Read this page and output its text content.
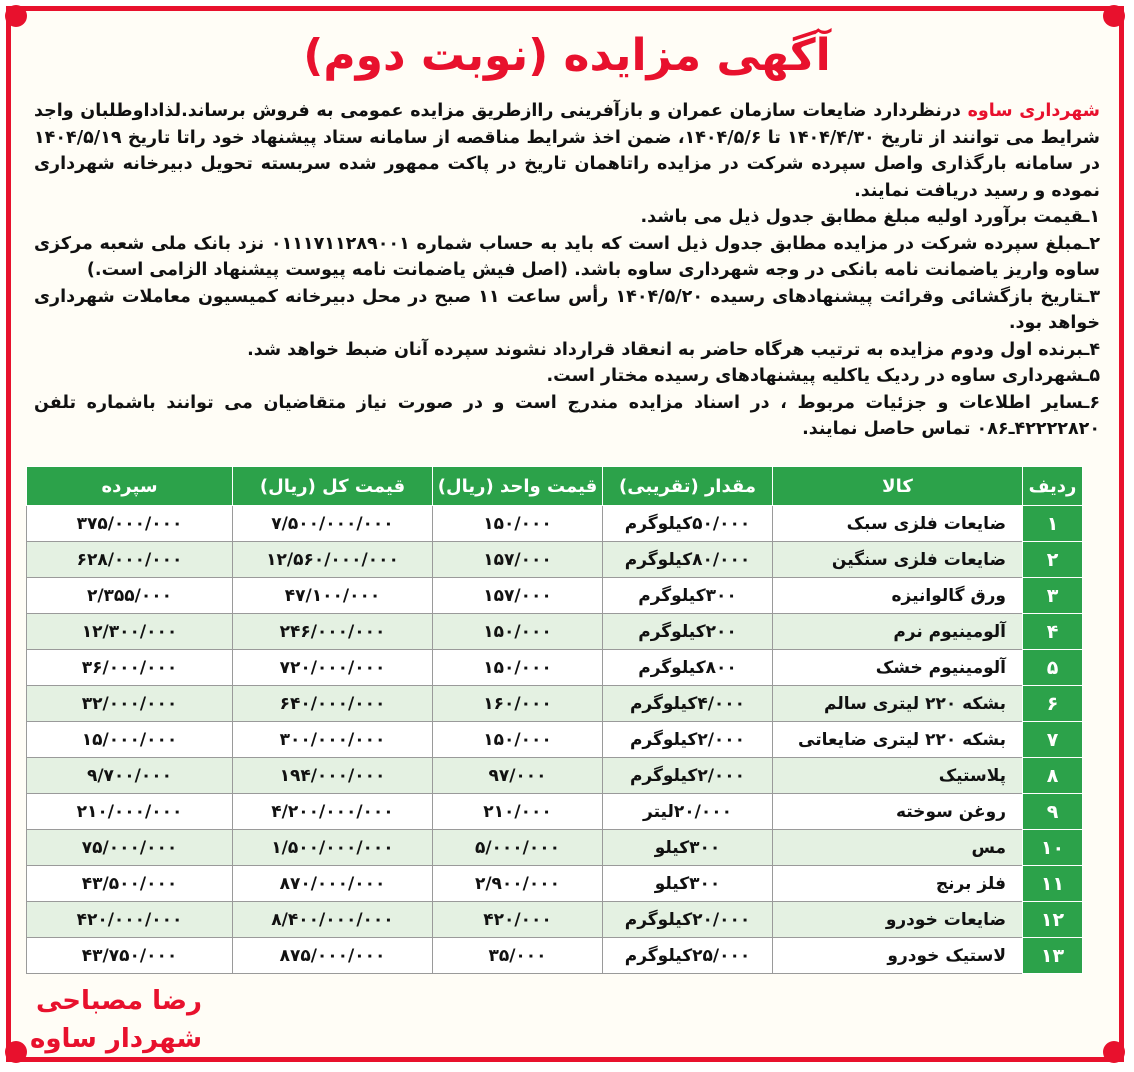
آگهی مزایده (نوبت دوم)

شهرداری ساوه درنظردارد ضایعات سازمان عمران و بازآفرینی راازطریق مزایده عمومی به فروش برساند.لذاداوطلبان واجد شرایط می توانند از تاریخ ۱۴۰۴/۴/۳۰ تا ۱۴۰۴/۵/۶، ضمن اخذ شرایط مناقصه از سامانه ستاد پیشنهاد خود راتا تاریخ ۱۴۰۴/۵/۱۹ در سامانه بارگذاری واصل سپرده شرکت در مزایده راتاهمان تاریخ در پاکت ممهور شده سربسته تحویل دبیرخانه شهرداری نموده و رسید دریافت نمایند.

۱ـقیمت برآورد اولیه مبلغ مطابق جدول ذیل می باشد.

۲ـمبلغ سپرده شرکت در مزایده مطابق جدول ذیل است که باید به حساب شماره ۰۱۱۱۷۱۱۲۸۹۰۰۱ نزد بانک ملی شعبه مرکزی ساوه واریز یاضمانت نامه بانکی در وجه شهرداری ساوه باشد. (اصل فیش یاضمانت نامه پیوست پیشنهاد الزامی است.)

۳ـتاریخ بازگشائی وقرائت پیشنهادهای رسیده ۱۴۰۴/۵/۲۰ رأس ساعت ۱۱ صبح در محل دبیرخانه کمیسیون معاملات شهرداری خواهد بود.

۴ـبرنده اول ودوم مزایده به ترتیب هرگاه حاضر به انعقاد قرارداد نشوند سپرده آنان ضبط خواهد شد.

۵ـشهرداری ساوه در ردیک یاکلیه پیشنهادهای رسیده مختار است.

۶ـسایر اطلاعات و جزئیات مربوط ، در اسناد مزایده مندرج است و در صورت نیاز متقاضیان می توانند باشماره تلفن ۴۲۲۲۲۸۲۰ـ۰۸۶ تماس حاصل نمایند.

ردیف	کالا	مقدار (تقریبی)	قیمت واحد (ریال)	قیمت کل (ریال)	سپرده
۱	ضایعات فلزی سبک	۵۰/۰۰۰کیلوگرم	۱۵۰/۰۰۰	۷/۵۰۰/۰۰۰/۰۰۰	۳۷۵/۰۰۰/۰۰۰
۲	ضایعات فلزی سنگین	۸۰/۰۰۰کیلوگرم	۱۵۷/۰۰۰	۱۲/۵۶۰/۰۰۰/۰۰۰	۶۲۸/۰۰۰/۰۰۰
۳	ورق گالوانیزه	۳۰۰کیلوگرم	۱۵۷/۰۰۰	۴۷/۱۰۰/۰۰۰	۲/۳۵۵/۰۰۰
۴	آلومینیوم نرم	۲۰۰کیلوگرم	۱۵۰/۰۰۰	۲۴۶/۰۰۰/۰۰۰	۱۲/۳۰۰/۰۰۰
۵	آلومینیوم خشک	۸۰۰کیلوگرم	۱۵۰/۰۰۰	۷۲۰/۰۰۰/۰۰۰	۳۶/۰۰۰/۰۰۰
۶	بشکه ۲۲۰ لیتری سالم	۴/۰۰۰کیلوگرم	۱۶۰/۰۰۰	۶۴۰/۰۰۰/۰۰۰	۳۲/۰۰۰/۰۰۰
۷	بشکه ۲۲۰ لیتری ضایعاتی	۲/۰۰۰کیلوگرم	۱۵۰/۰۰۰	۳۰۰/۰۰۰/۰۰۰	۱۵/۰۰۰/۰۰۰
۸	پلاستیک	۲/۰۰۰کیلوگرم	۹۷/۰۰۰	۱۹۴/۰۰۰/۰۰۰	۹/۷۰۰/۰۰۰
۹	روغن سوخته	۲۰/۰۰۰لیتر	۲۱۰/۰۰۰	۴/۲۰۰/۰۰۰/۰۰۰	۲۱۰/۰۰۰/۰۰۰
۱۰	مس	۳۰۰کیلو	۵/۰۰۰/۰۰۰	۱/۵۰۰/۰۰۰/۰۰۰	۷۵/۰۰۰/۰۰۰
۱۱	فلز برنج	۳۰۰کیلو	۲/۹۰۰/۰۰۰	۸۷۰/۰۰۰/۰۰۰	۴۳/۵۰۰/۰۰۰
۱۲	ضایعات خودرو	۲۰/۰۰۰کیلوگرم	۴۲۰/۰۰۰	۸/۴۰۰/۰۰۰/۰۰۰	۴۲۰/۰۰۰/۰۰۰
۱۳	لاستیک خودرو	۲۵/۰۰۰کیلوگرم	۳۵/۰۰۰	۸۷۵/۰۰۰/۰۰۰	۴۳/۷۵۰/۰۰۰
رضا مصباحی
شهردار ساوه
